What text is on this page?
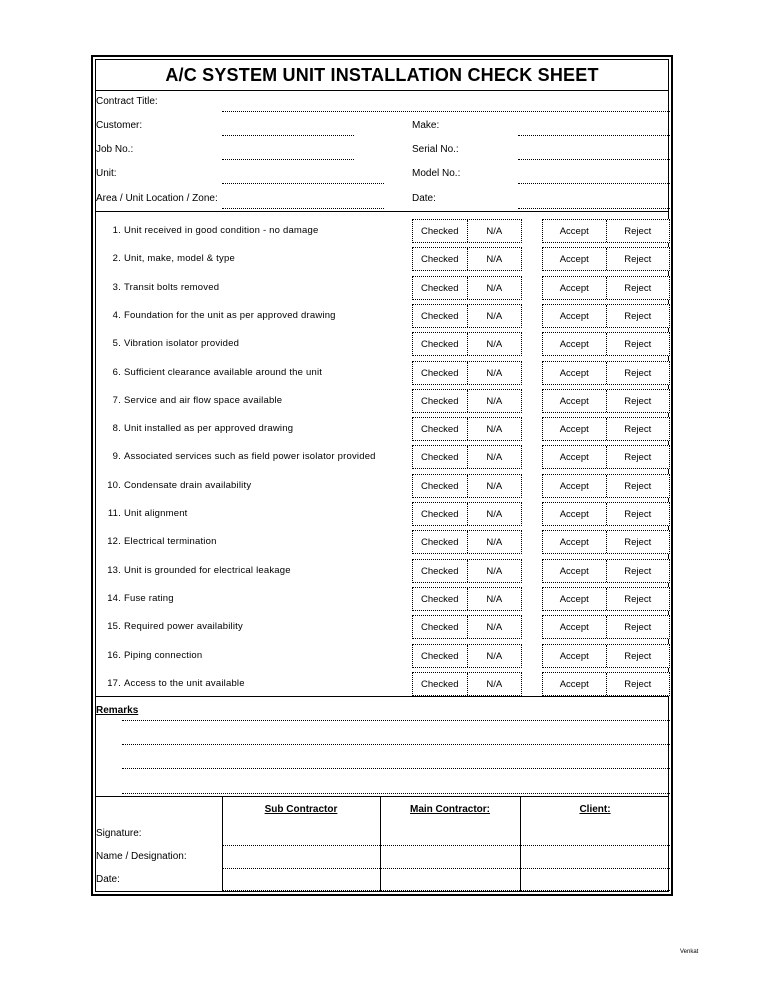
A/C SYSTEM UNIT INSTALLATION CHECK SHEET
Contract Title:
Customer:	Make:
Job No.:	Serial No.:
Unit:	Model No.:
Area / Unit Location / Zone:	Date:
1. Unit received in good condition - no damage	Checked	N/A	Accept	Reject
2. Unit, make, model & type	Checked	N/A	Accept	Reject
3. Transit bolts removed	Checked	N/A	Accept	Reject
4. Foundation for the unit as per approved drawing	Checked	N/A	Accept	Reject
5. Vibration isolator provided	Checked	N/A	Accept	Reject
6. Sufficient clearance available around the unit	Checked	N/A	Accept	Reject
7. Service and air flow space available	Checked	N/A	Accept	Reject
8. Unit installed as per approved drawing	Checked	N/A	Accept	Reject
9. Associated services such as field power isolator provided	Checked	N/A	Accept	Reject
10. Condensate drain availability	Checked	N/A	Accept	Reject
11. Unit alignment	Checked	N/A	Accept	Reject
12. Electrical termination	Checked	N/A	Accept	Reject
13. Unit is grounded for electrical leakage	Checked	N/A	Accept	Reject
14. Fuse rating	Checked	N/A	Accept	Reject
15. Required power availability	Checked	N/A	Accept	Reject
16. Piping connection	Checked	N/A	Accept	Reject
17. Access to the unit available	Checked	N/A	Accept	Reject
Remarks
Sub Contractor	Main Contractor:	Client:
Signature:
Name / Designation:
Date:
Venkat
